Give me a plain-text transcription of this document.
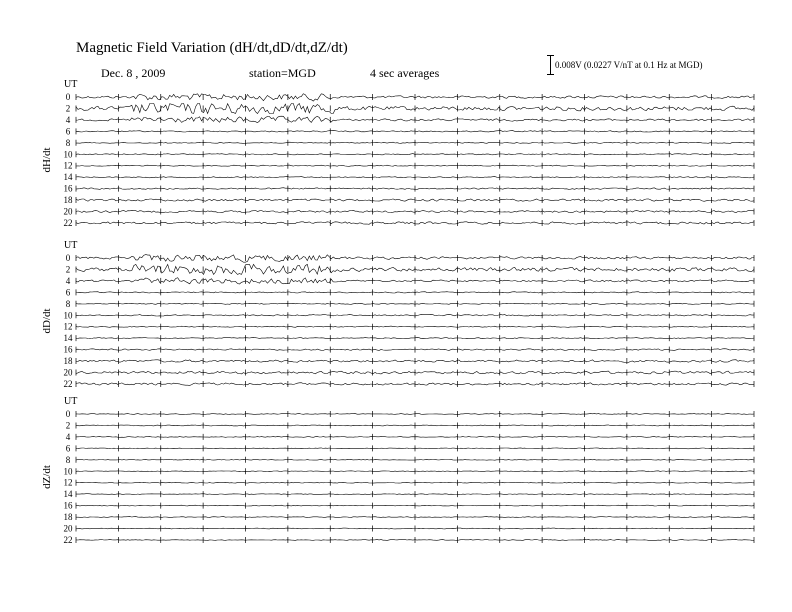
Magnetic Field Variation (dH/dt,dD/dt,dZ/dt)
Dec. 8 , 2009	station=MGD	4 sec averages
0.008V (0.0227 V/nT at 0.1 Hz at MGD)
UT
dH/dt
0
2
4
6
8
10
12
14
16
18
20
22
UT
dD/dt
0
2
4
6
8
10
12
14
16
18
20
22
UT
dZ/dt
0
2
4
6
8
10
12
14
16
18
20
22
